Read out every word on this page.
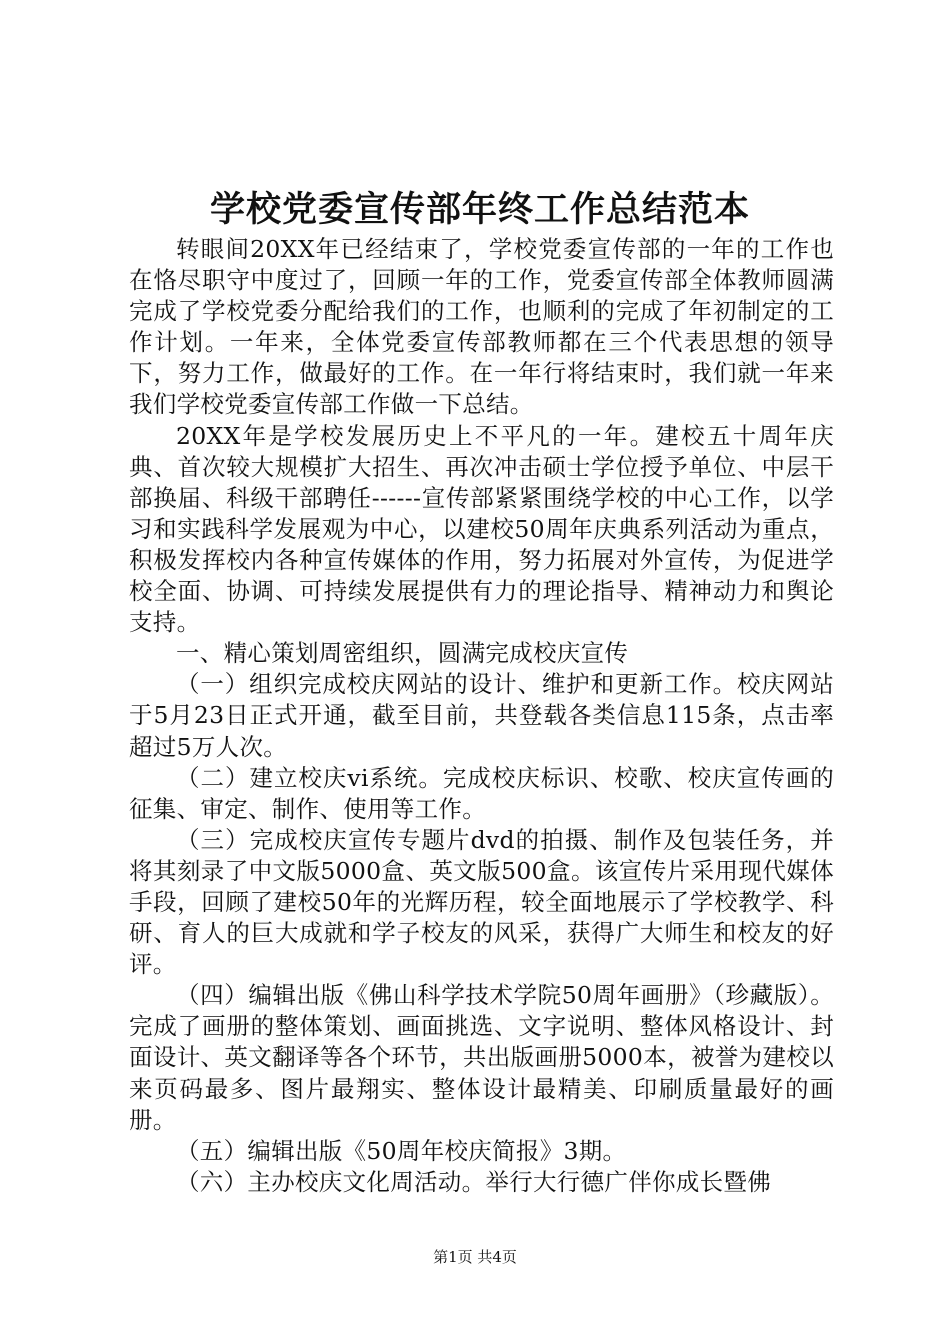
学校党委宣传部年终工作总结范本

转眼间20XX年已经结束了，学校党委宣传部的一年的工作也在恪尽职守中度过了，回顾一年的工作，党委宣传部全体教师圆满完成了学校党委分配给我们的工作，也顺利的完成了年初制定的工作计划。一年来，全体党委宣传部教师都在三个代表思想的领导下，努力工作，做最好的工作。在一年行将结束时，我们就一年来我们学校党委宣传部工作做一下总结。

20XX年是学校发展历史上不平凡的一年。建校五十周年庆典、首次较大规模扩大招生、再次冲击硕士学位授予单位、中层干部换届、科级干部聘任------宣传部紧紧围绕学校的中心工作，以学习和实践科学发展观为中心，以建校50周年庆典系列活动为重点，积极发挥校内各种宣传媒体的作用，努力拓展对外宣传，为促进学校全面、协调、可持续发展提供有力的理论指导、精神动力和舆论支持。

一、精心策划周密组织，圆满完成校庆宣传

（一）组织完成校庆网站的设计、维护和更新工作。校庆网站于5月23日正式开通，截至目前，共登载各类信息115条，点击率超过5万人次。

（二）建立校庆vi系统。完成校庆标识、校歌、校庆宣传画的征集、审定、制作、使用等工作。

（三）完成校庆宣传专题片dvd的拍摄、制作及包装任务，并将其刻录了中文版5000盒、英文版500盒。该宣传片采用现代媒体手段，回顾了建校50年的光辉历程，较全面地展示了学校教学、科研、育人的巨大成就和学子校友的风采，获得广大师生和校友的好评。

（四）编辑出版《佛山科学技术学院50周年画册》（珍藏版）。完成了画册的整体策划、画面挑选、文字说明、整体风格设计、封面设计、英文翻译等各个环节，共出版画册5000本，被誉为建校以来页码最多、图片最翔实、整体设计最精美、印刷质量最好的画册。

（五）编辑出版《50周年校庆简报》3期。

（六）主办校庆文化周活动。举行大行德广伴你成长暨佛

第1页 共4页
